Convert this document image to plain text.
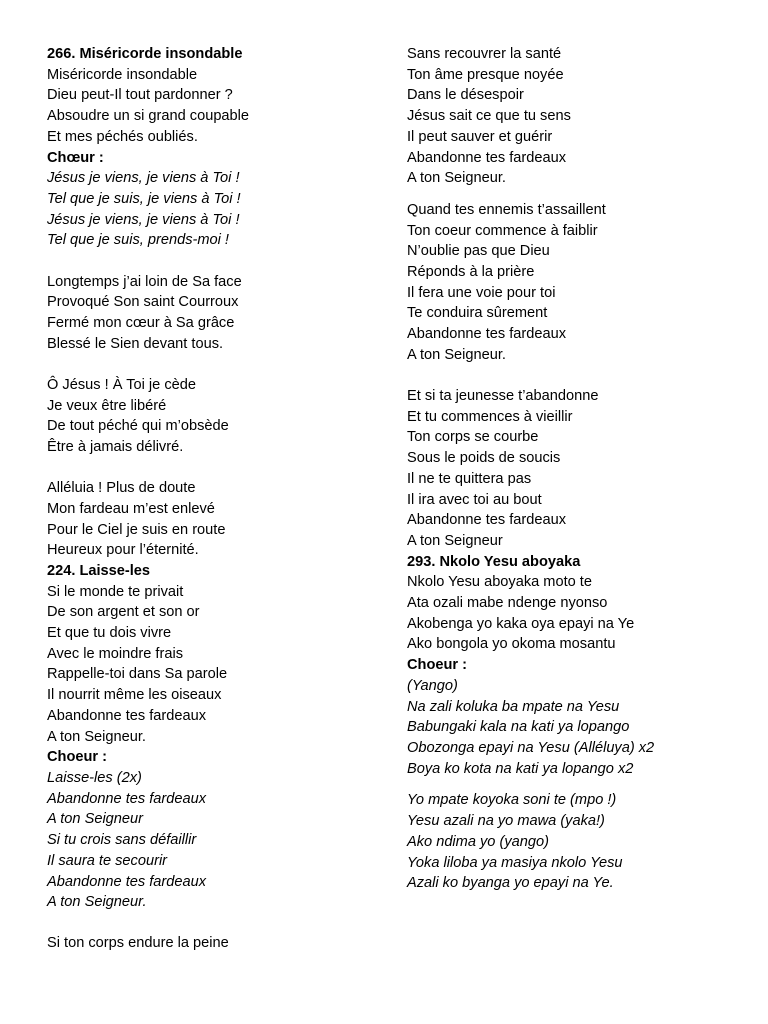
266. Miséricorde insondable
Miséricorde insondable
Dieu peut-Il tout pardonner ?
Absoudre un si grand coupable
Et mes péchés oubliés.
Chœur :
Jésus je viens, je viens à Toi !
Tel que je suis, je viens à Toi !
Jésus je viens, je viens à Toi !
Tel que je suis, prends-moi !
Longtemps j’ai loin de Sa face
Provoqué Son saint Courroux
Fermé mon cœur à Sa grâce
Blessé le Sien devant tous.
Ô Jésus ! À Toi je cède
Je veux être libéré
De tout péché qui m’obsède
Être à jamais délivré.
Alléluia ! Plus de doute
Mon fardeau m’est enlevé
Pour le Ciel je suis en route
Heureux pour l’éternité.
224. Laisse-les
Si le monde te privait
De son argent et son or
Et que tu dois vivre
Avec le moindre frais
Rappelle-toi dans Sa parole
Il nourrit même les oiseaux
Abandonne tes fardeaux
A ton Seigneur.
Choeur :
Laisse-les (2x)
Abandonne tes fardeaux
A ton Seigneur
Si tu crois sans défaillir
Il saura te secourir
Abandonne tes fardeaux
A ton Seigneur.
Si ton corps endure la peine
Sans recouvrer la santé
Ton âme presque noyée
Dans le désespoir
Jésus sait ce que tu sens
Il peut sauver et guérir
Abandonne tes fardeaux
A ton Seigneur.
Quand tes ennemis t’assaillent
Ton coeur commence à faiblir
N’oublie pas que Dieu
Réponds à la prière
Il fera une voie pour toi
Te conduira sûrement
Abandonne tes fardeaux
A ton Seigneur.
Et si ta jeunesse t’abandonne
Et tu commences à vieillir
Ton corps se courbe
Sous le poids de soucis
Il ne te quittera pas
Il ira avec toi au bout
Abandonne tes fardeaux
A ton Seigneur
293. Nkolo Yesu aboyaka
Nkolo Yesu aboyaka moto te
Ata ozali mabe ndenge nyonso
Akobenga yo kaka oya epayi na Ye
Ako bongola yo okoma mosantu
Choeur :
(Yango)
Na zali koluka ba mpate na Yesu
Babungaki kala na kati ya lopango
Obozonga epayi na Yesu (Alléluya) x2
Boya ko kota na kati ya lopango x2
Yo mpate koyoka soni te (mpo !)
Yesu azali na yo mawa (yaka!)
Ako ndima yo (yango)
Yoka liloba ya masiya nkolo Yesu
Azali ko byanga yo epayi na Ye.
